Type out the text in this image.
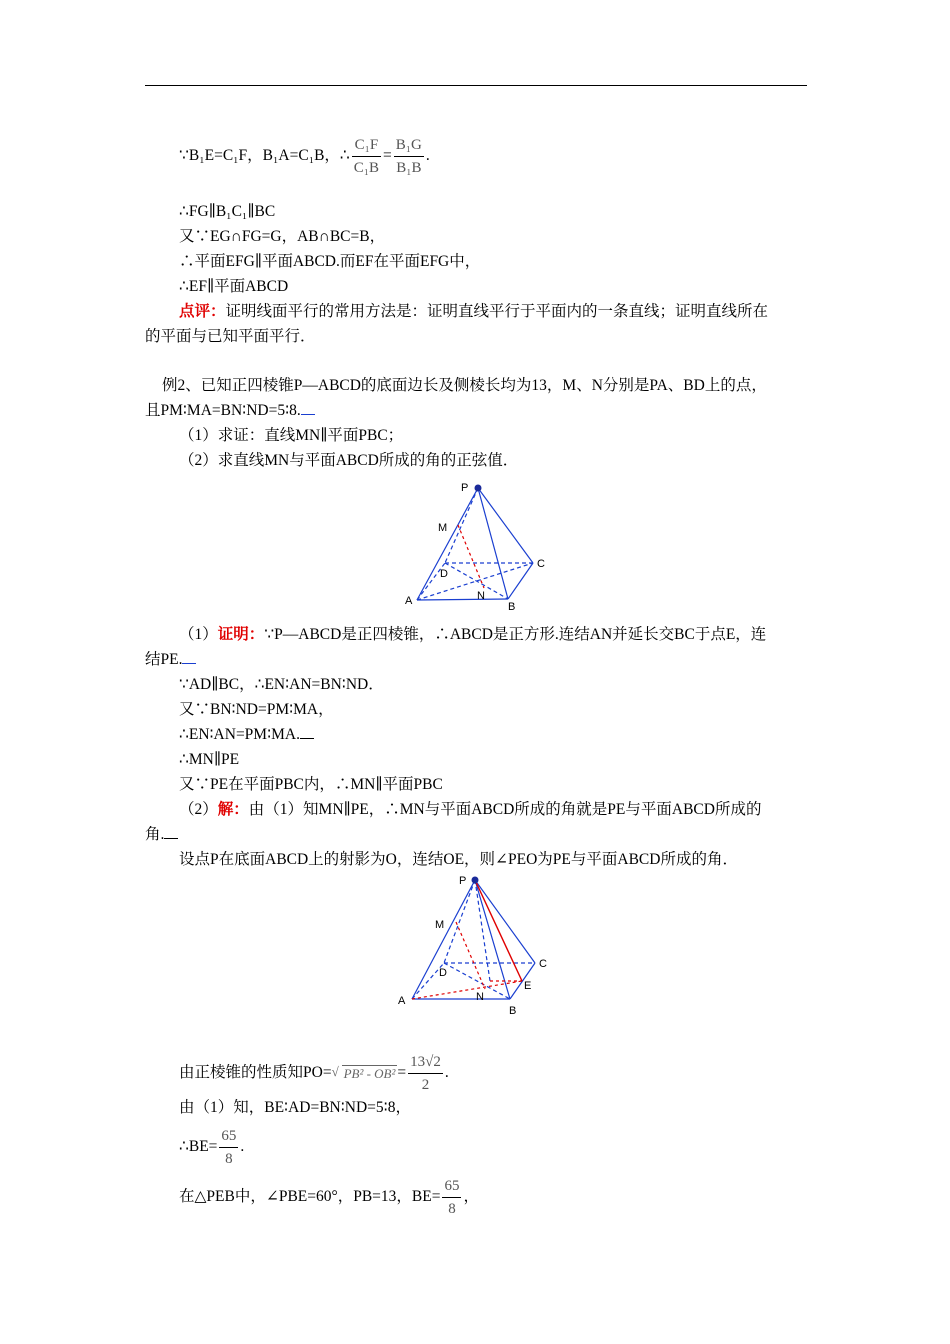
∵B₁E=C₁F，B₁A=C₁B，∴ $\frac{\text{C₁F}}{\text{C₁B}} = \frac{\text{B₁G}}{\text{B₁B}}$ .
∴FG∥B₁C₁∥BC
又∵EG∩FG=G，AB∩BC=B，
∴平面EFG∥平面ABCD.而EF在平面EFG中，
∴EF∥平面ABCD
点评：证明线面平行的常用方法是：证明直线平行于平面内的一条直线；证明直线所在
的平面与已知平面平行．
例2、已知正四棱锥P—ABCD的底面边长及侧棱长均为13，M、N分别是PA、BD上的点，
且PM∶MA=BN∶ND=5∶8.
（1）求证：直线MN∥平面PBC；
（2）求直线MN与平面ABCD所成的角的正弦值．
P
M
C
D
A	N
B
（1）证明：∵P—ABCD是正四棱锥，∴ABCD是正方形.连结AN并延长交BC于点E，连
结PE.
∵AD∥BC，∴EN∶AN=BN∶ND．
又∵BN∶ND=PM∶MA，
∴EN∶AN=PM∶MA.
∴MN∥PE
又∵PE在平面PBC内，∴MN∥平面PBC
（2）解：由（1）知MN∥PE，∴MN与平面ABCD所成的角就是PE与平面ABCD所成的
角.
设点P在底面ABCD上的射影为O，连结OE，则∠PEO为PE与平面ABCD所成的角．
P
M
C
D
E
A	N
B
由正棱锥的性质知PO=√ $PB^2 - OB^2 = \frac{13√2}{2}$ .
由（1）知，BE∶AD=BN∶ND=5∶8，
∴BE= $\frac{65}{8}$ .
在△PEB中，∠PBE=60°，PB=13，$BE= \frac{65}{8}$ ，
